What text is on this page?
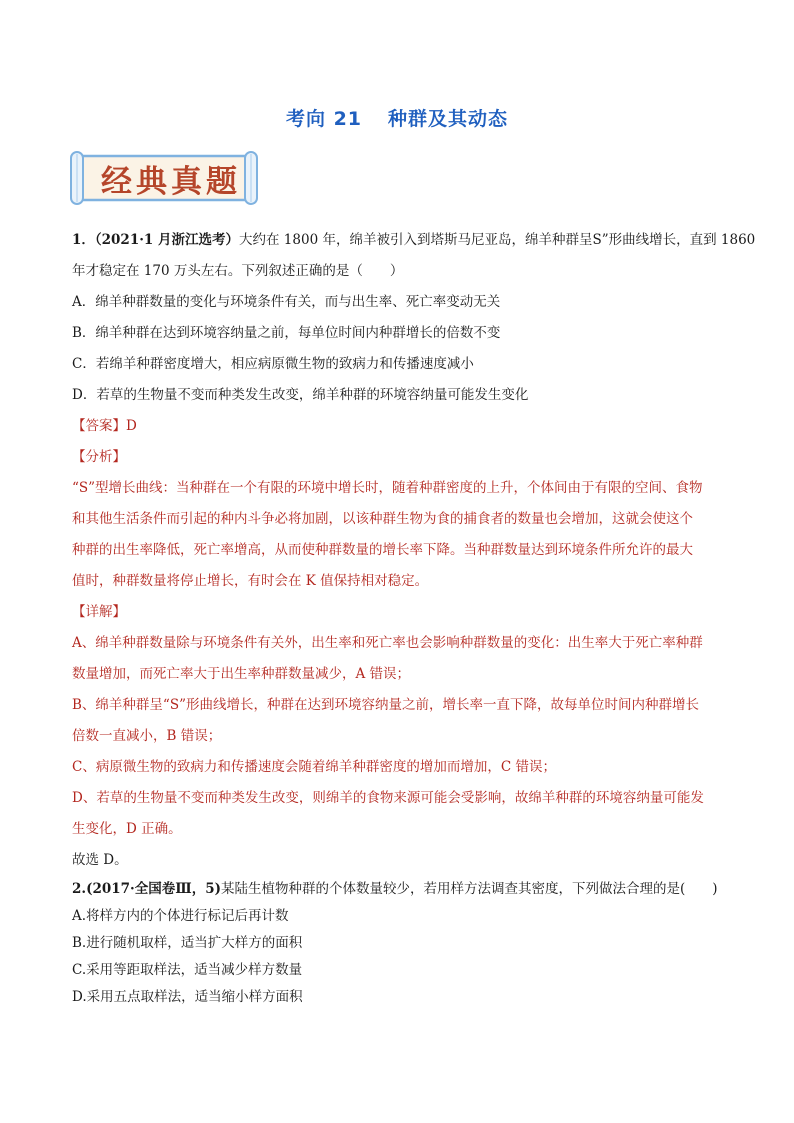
考向 21 种群及其动态
经典真题
1．（2021·1 月浙江选考）大约在 1800 年，绵羊被引入到塔斯马尼亚岛，绵羊种群呈S”形曲线增长，直到 1860
年才稳定在 170 万头左右。下列叙述正确的是（　　）
A．绵羊种群数量的变化与环境条件有关，而与出生率、死亡率变动无关
B．绵羊种群在达到环境容纳量之前，每单位时间内种群增长的倍数不变
C．若绵羊种群密度增大，相应病原微生物的致病力和传播速度减小
D．若草的生物量不变而种类发生改变，绵羊种群的环境容纳量可能发生变化
【答案】D
【分析】
“S”型增长曲线：当种群在一个有限的环境中增长时，随着种群密度的上升，个体间由于有限的空间、食物
和其他生活条件而引起的种内斗争必将加剧，以该种群生物为食的捕食者的数量也会增加，这就会使这个
种群的出生率降低，死亡率增高，从而使种群数量的增长率下降。当种群数量达到环境条件所允许的最大
值时，种群数量将停止增长，有时会在 K 值保持相对稳定。
【详解】
A、绵羊种群数量除与环境条件有关外，出生率和死亡率也会影响种群数量的变化：出生率大于死亡率种群
数量增加，而死亡率大于出生率种群数量减少，A 错误；
B、绵羊种群呈“S”形曲线增长，种群在达到环境容纳量之前，增长率一直下降，故每单位时间内种群增长
倍数一直减小，B 错误；
C、病原微生物的致病力和传播速度会随着绵羊种群密度的增加而增加，C 错误；
D、若草的生物量不变而种类发生改变，则绵羊的食物来源可能会受影响，故绵羊种群的环境容纳量可能发
生变化，D 正确。
故选 D。
2.(2017·全国卷Ⅲ，5)某陆生植物种群的个体数量较少，若用样方法调查其密度，下列做法合理的是(　　)
A.将样方内的个体进行标记后再计数
B.进行随机取样，适当扩大样方的面积
C.采用等距取样法，适当减少样方数量
D.采用五点取样法，适当缩小样方面积
